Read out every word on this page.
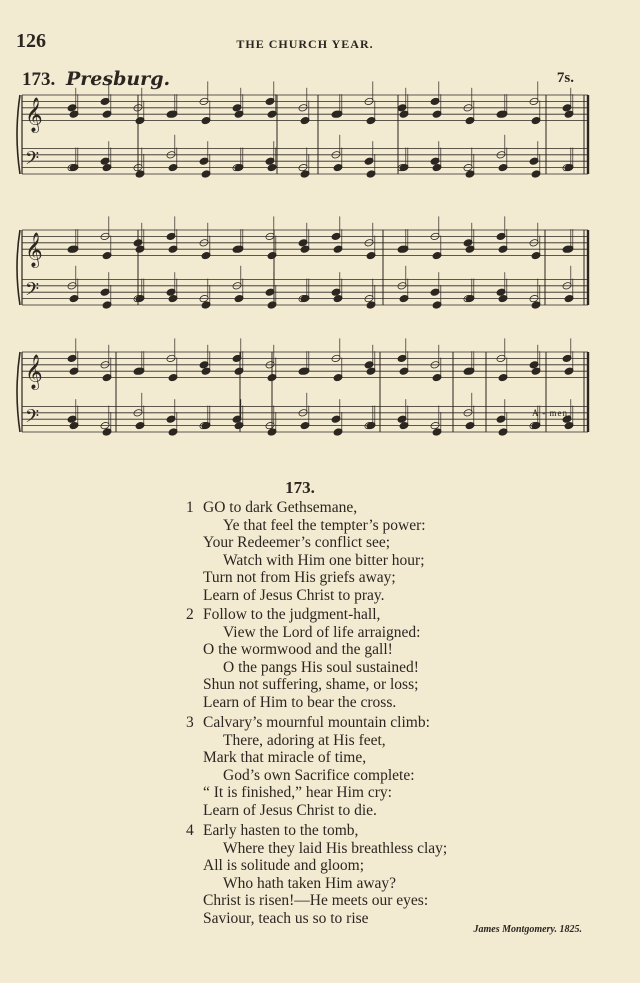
126	THE CHURCH YEAR.
173. Presburg.	7s.
𝄞
𝄢
𝄞
𝄢
𝄞
𝄢	A - men.
173.
1 GO to dark Gethsemane,
Ye that feel the tempter’s power:
Your Redeemer’s conflict see;
Watch with Him one bitter hour;
Turn not from His griefs away;
Learn of Jesus Christ to pray.
2 Follow to the judgment-hall,
View the Lord of life arraigned:
O the wormwood and the gall!
O the pangs His soul sustained!
Shun not suffering, shame, or loss;
Learn of Him to bear the cross.
3 Calvary’s mournful mountain climb:
There, adoring at His feet,
Mark that miracle of time,
God’s own Sacrifice complete:
“ It is finished,” hear Him cry:
Learn of Jesus Christ to die.
4 Early hasten to the tomb,
Where they laid His breathless clay;
All is solitude and gloom;
Who hath taken Him away?
Christ is risen!—He meets our eyes:
Saviour, teach us so to rise
James Montgomery. 1825.
